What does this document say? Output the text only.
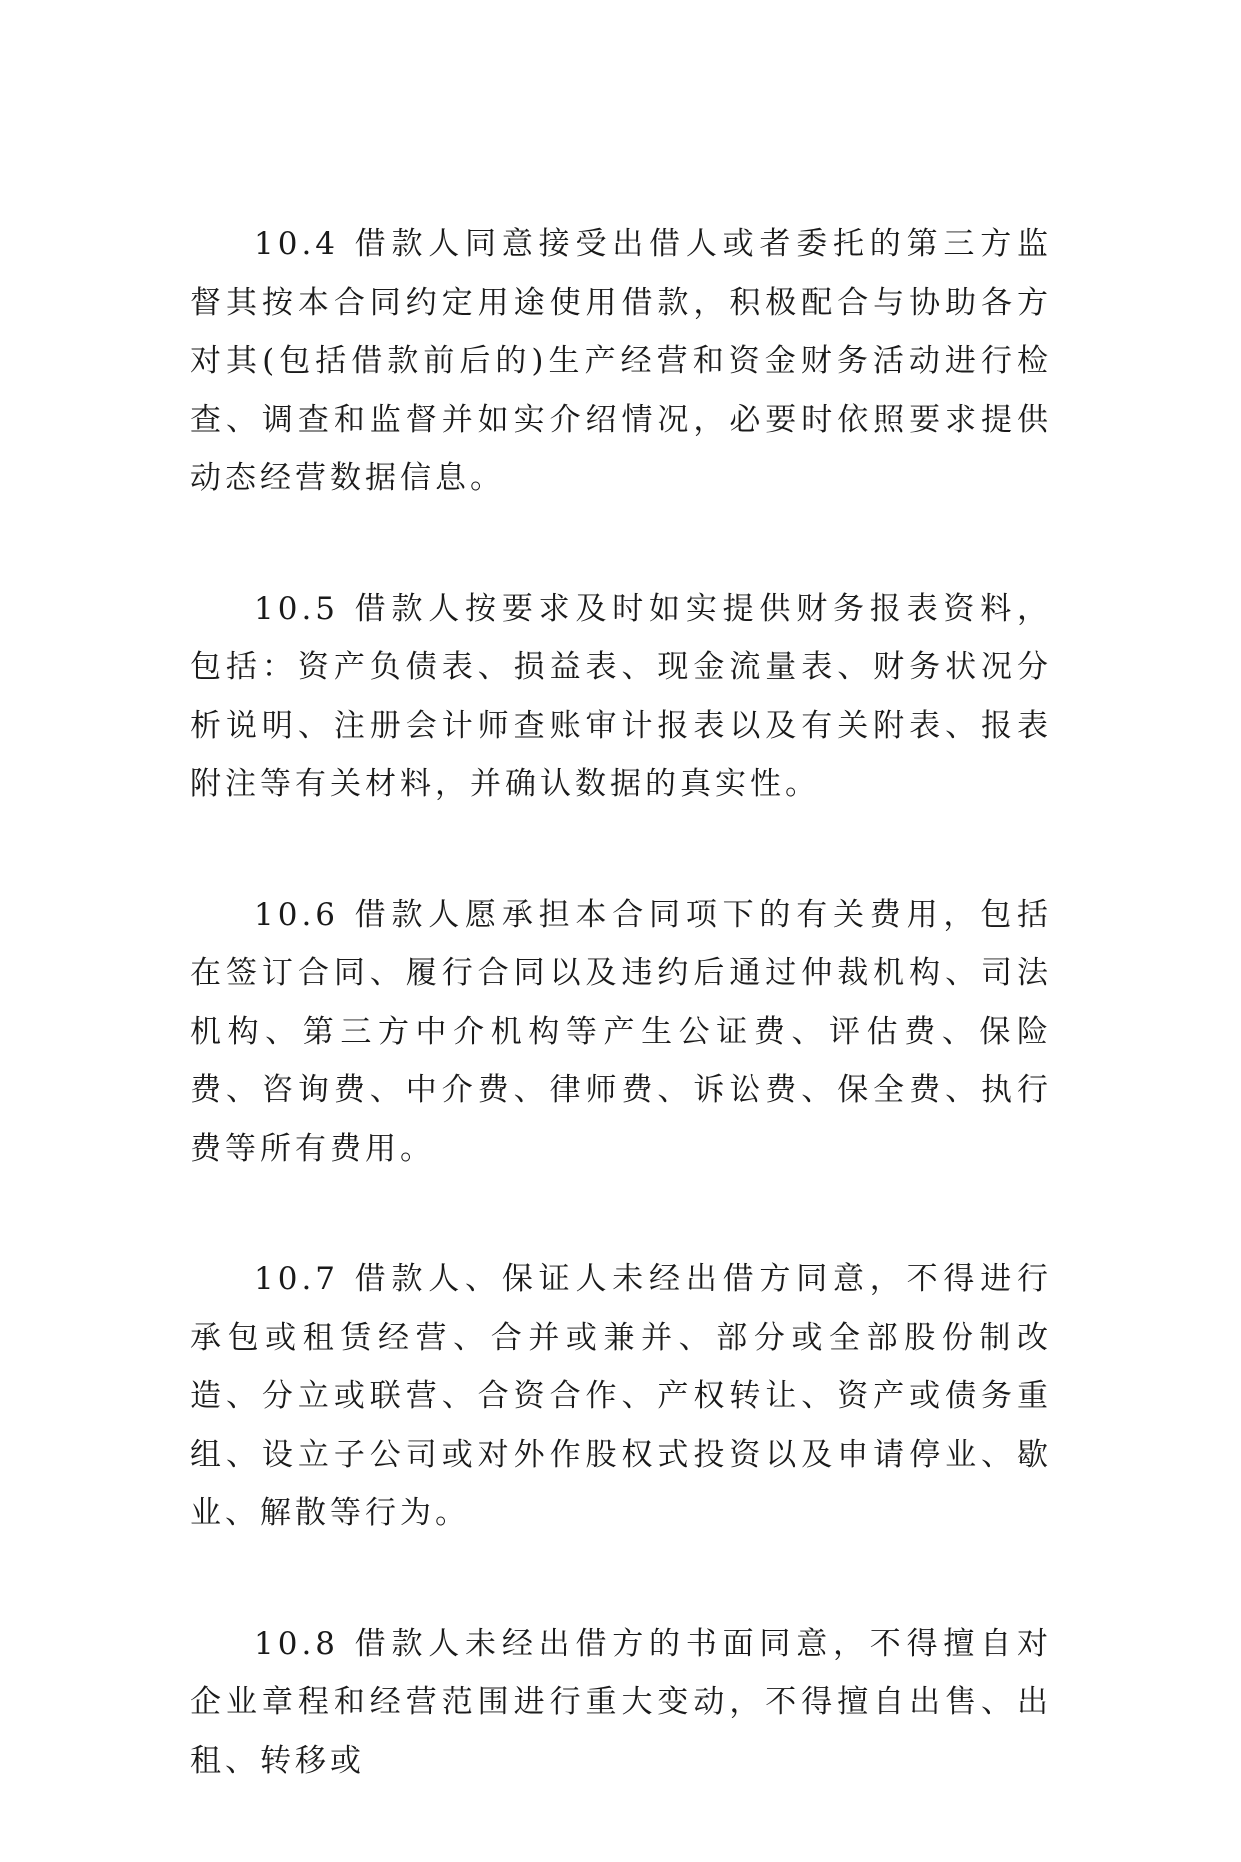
10.4 借款人同意接受出借人或者委托的第三方监督其按本合同约定用途使用借款，积极配合与协助各方对其(包括借款前后的)生产经营和资金财务活动进行检查、调查和监督并如实介绍情况，必要时依照要求提供动态经营数据信息。

10.5 借款人按要求及时如实提供财务报表资料，包括：资产负债表、损益表、现金流量表、财务状况分析说明、注册会计师查账审计报表以及有关附表、报表附注等有关材料，并确认数据的真实性。

10.6 借款人愿承担本合同项下的有关费用，包括在签订合同、履行合同以及违约后通过仲裁机构、司法机构、第三方中介机构等产生公证费、评估费、保险费、咨询费、中介费、律师费、诉讼费、保全费、执行费等所有费用。

10.7 借款人、保证人未经出借方同意，不得进行承包或租赁经营、合并或兼并、部分或全部股份制改造、分立或联营、合资合作、产权转让、资产或债务重组、设立子公司或对外作股权式投资以及申请停业、歇业、解散等行为。

10.8 借款人未经出借方的书面同意，不得擅自对企业章程和经营范围进行重大变动，不得擅自出售、出租、转移或
